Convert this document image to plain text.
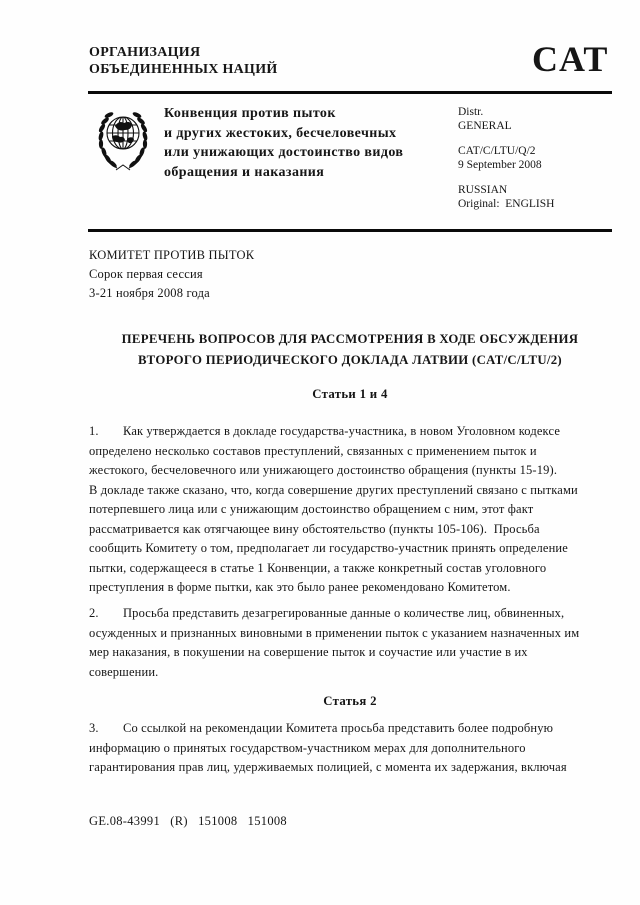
ОРГАНИЗАЦИЯ
ОБЪЕДИНЕННЫХ НАЦИЙ	CAT
Конвенция против пыток
и других жестоких, бесчеловечных
или унижающих достоинство видов
обращения и наказания
Distr.
GENERAL
CAT/C/LTU/Q/2
9 September 2008
RUSSIAN
Original:  ENGLISH
КОМИТЕТ ПРОТИВ ПЫТОК
Сорок первая сессия
3-21 ноября 2008 года
ПЕРЕЧЕНЬ ВОПРОСОВ ДЛЯ РАССМОТРЕНИЯ В ХОДЕ ОБСУЖДЕНИЯ
ВТОРОГО ПЕРИОДИЧЕСКОГО ДОКЛАДА ЛАТВИИ (CAT/C/LTU/2)
Статьи 1 и 4
1. Как утверждается в докладе государства-участника, в новом Уголовном кодексе
определено несколько составов преступлений, связанных с применением пыток и
жестокого, бесчеловечного или унижающего достоинство обращения (пункты 15-19).
В докладе также сказано, что, когда совершение других преступлений связано с пытками
потерпевшего лица или с унижающим достоинство обращением с ним, этот факт
рассматривается как отягчающее вину обстоятельство (пункты 105-106).  Просьба
сообщить Комитету о том, предполагает ли государство-участник принять определение
пытки, содержащееся в статье 1 Конвенции, а также конкретный состав уголовного
преступления в форме пытки, как это было ранее рекомендовано Комитетом.
2. Просьба представить дезагрегированные данные о количестве лиц, обвиненных,
осужденных и признанных виновными в применении пыток с указанием назначенных им
мер наказания, в покушении на совершение пыток и соучастие или участие в их
совершении.
Статья 2
3. Со ссылкой на рекомендации Комитета просьба представить более подробную
информацию о принятых государством-участником мерах для дополнительного
гарантирования прав лиц, удерживаемых полицией, с момента их задержания, включая
GE.08-43991   (R)   151008   151008
